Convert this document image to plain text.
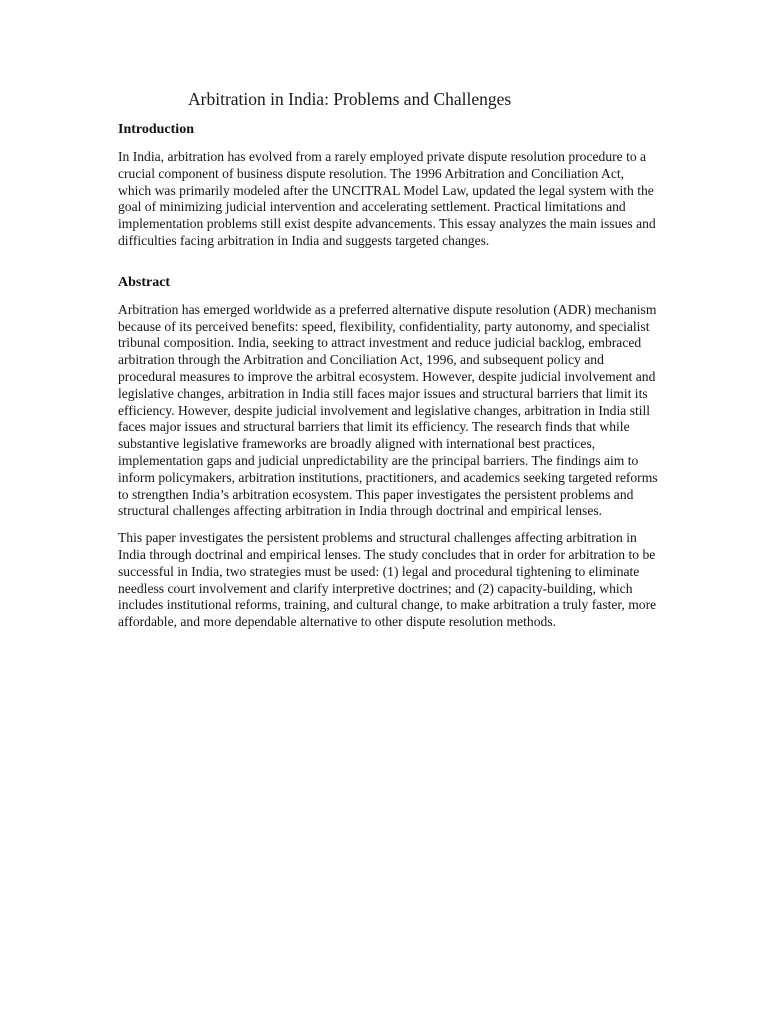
Arbitration in India: Problems and Challenges
Introduction

In India, arbitration has evolved from a rarely employed private dispute resolution procedure to a crucial component of business dispute resolution. The 1996 Arbitration and Conciliation Act, which was primarily modeled after the UNCITRAL Model Law, updated the legal system with the goal of minimizing judicial intervention and accelerating settlement. Practical limitations and implementation problems still exist despite advancements. This essay analyzes the main issues and difficulties facing arbitration in India and suggests targeted changes.

Abstract

Arbitration has emerged worldwide as a preferred alternative dispute resolution (ADR) mechanism because of its perceived benefits: speed, flexibility, confidentiality, party autonomy, and specialist tribunal composition. India, seeking to attract investment and reduce judicial backlog, embraced arbitration through the Arbitration and Conciliation Act, 1996, and subsequent policy and procedural measures to improve the arbitral ecosystem. However, despite judicial involvement and legislative changes, arbitration in India still faces major issues and structural barriers that limit its efficiency. However, despite judicial involvement and legislative changes, arbitration in India still faces major issues and structural barriers that limit its efficiency. The research finds that while substantive legislative frameworks are broadly aligned with international best practices, implementation gaps and judicial unpredictability are the principal barriers. The findings aim to inform policymakers, arbitration institutions, practitioners, and academics seeking targeted reforms to strengthen India’s arbitration ecosystem. This paper investigates the persistent problems and structural challenges affecting arbitration in India through doctrinal and empirical lenses.

This paper investigates the persistent problems and structural challenges affecting arbitration in India through doctrinal and empirical lenses. The study concludes that in order for arbitration to be successful in India, two strategies must be used: (1) legal and procedural tightening to eliminate needless court involvement and clarify interpretive doctrines; and (2) capacity-building, which includes institutional reforms, training, and cultural change, to make arbitration a truly faster, more affordable, and more dependable alternative to other dispute resolution methods.
